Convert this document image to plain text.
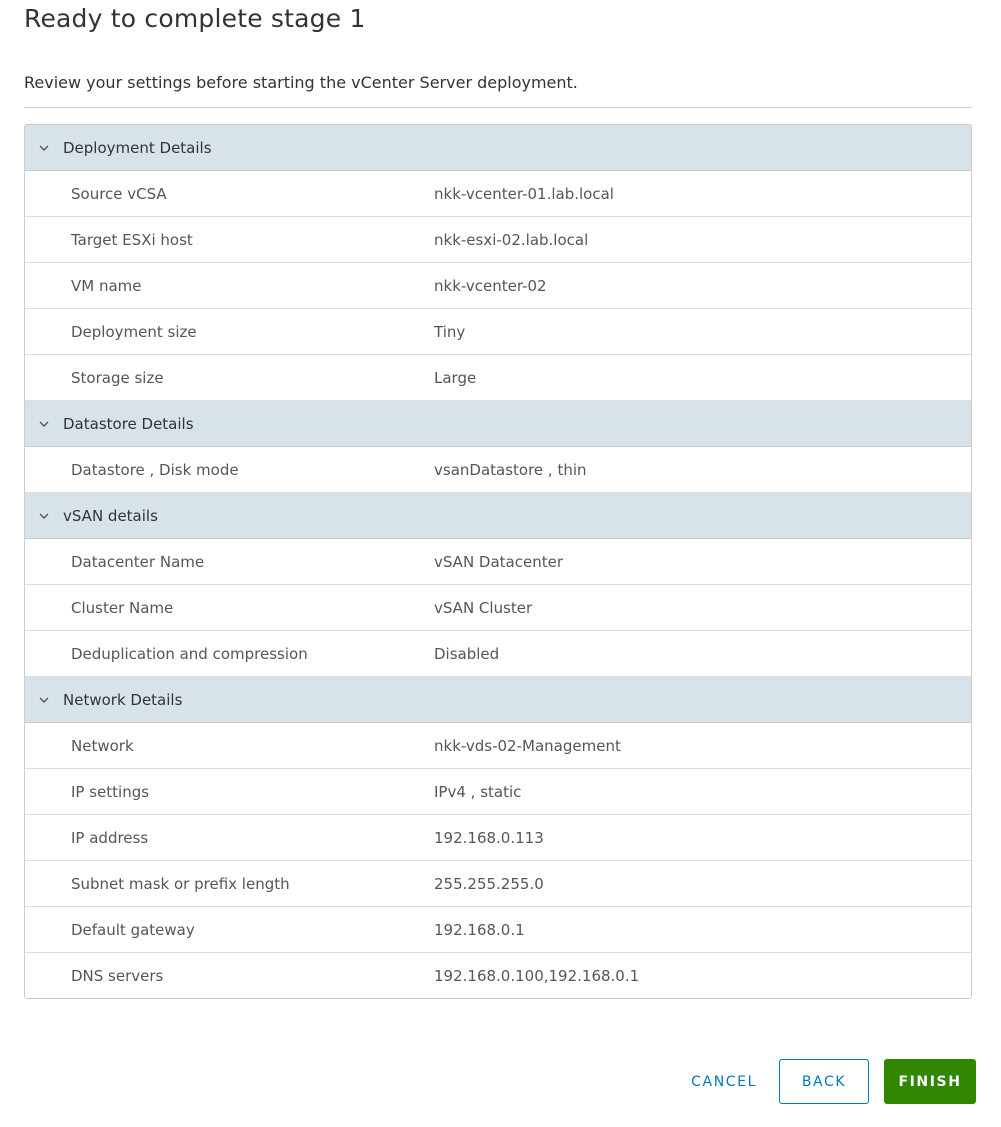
Ready to complete stage 1

Review your settings before starting the vCenter Server deployment.

Deployment Details
Source vCSA	nkk-vcenter-01.lab.local
Target ESXi host	nkk-esxi-02.lab.local
VM name	nkk-vcenter-02
Deployment size	Tiny
Storage size	Large
Datastore Details
Datastore , Disk mode	vsanDatastore , thin
vSAN details
Datacenter Name	vSAN Datacenter
Cluster Name	vSAN Cluster
Deduplication and compression	Disabled
Network Details
Network	nkk-vds-02-Management
IP settings	IPv4 , static
IP address	192.168.0.113
Subnet mask or prefix length	255.255.255.0
Default gateway	192.168.0.1
DNS servers	192.168.0.100,192.168.0.1
CANCEL	BACK	FINISH
